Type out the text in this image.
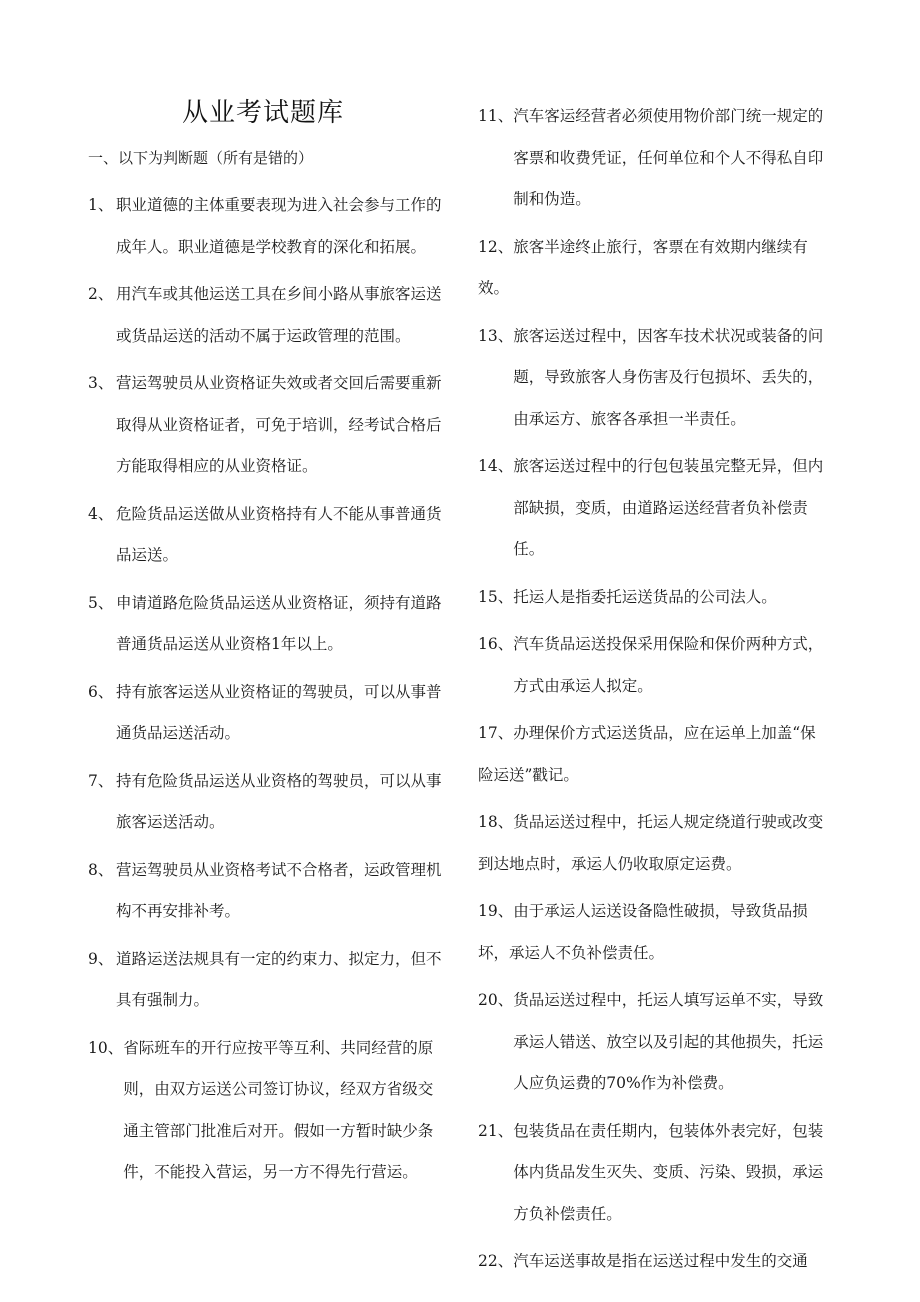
从业考试题库
一、以下为判断题（所有是错的）
1、 职业道德的主体重要表现为进入社会参与工作的成年人。职业道德是学校教育的深化和拓展。
2、 用汽车或其他运送工具在乡间小路从事旅客运送或货品运送的活动不属于运政管理的范围。
3、 营运驾驶员从业资格证失效或者交回后需要重新取得从业资格证者，可免于培训，经考试合格后方能取得相应的从业资格证。
4、 危险货品运送做从业资格持有人不能从事普通货品运送。
5、 申请道路危险货品运送从业资格证，须持有道路普通货品运送从业资格1年以上。
6、 持有旅客运送从业资格证的驾驶员，可以从事普通货品运送活动。
7、 持有危险货品运送从业资格的驾驶员，可以从事旅客运送活动。
8、 营运驾驶员从业资格考试不合格者，运政管理机构不再安排补考。
9、 道路运送法规具有一定的约束力、拟定力，但不具有强制力。
10、 省际班车的开行应按平等互利、共同经营的原则，由双方运送公司签订协议，经双方省级交通主管部门批准后对开。假如一方暂时缺少条件，不能投入营运，另一方不得先行营运。
11、 汽车客运经营者必须使用物价部门统一规定的客票和收费凭证，任何单位和个人不得私自印制和伪造。
12、旅客半途终止旅行，客票在有效期内继续有效。
13、 旅客运送过程中，因客车技术状况或装备的问题，导致旅客人身伤害及行包损坏、丢失的，由承运方、旅客各承担一半责任。
14、 旅客运送过程中的行包包装虽完整无异，但内部缺损，变质，由道路运送经营者负补偿责任。
15、 托运人是指委托运送货品的公司法人。
16、 汽车货品运送投保采用保险和保价两种方式，方式由承运人拟定。
17、办理保价方式运送货品，应在运单上加盖“保险运送”戳记。
18、货品运送过程中，托运人规定绕道行驶或改变到达地点时，承运人仍收取原定运费。
19、由于承运人运送设备隐性破损，导致货品损坏，承运人不负补偿责任。
20、 货品运送过程中，托运人填写运单不实，导致承运人错送、放空以及引起的其他损失，托运人应负运费的70%作为补偿费。
21、 包装货品在责任期内，包装体外表完好，包装体内货品发生灭失、变质、污染、毁损，承运方负补偿责任。
22、 汽车运送事故是指在运送过程中发生的交通
